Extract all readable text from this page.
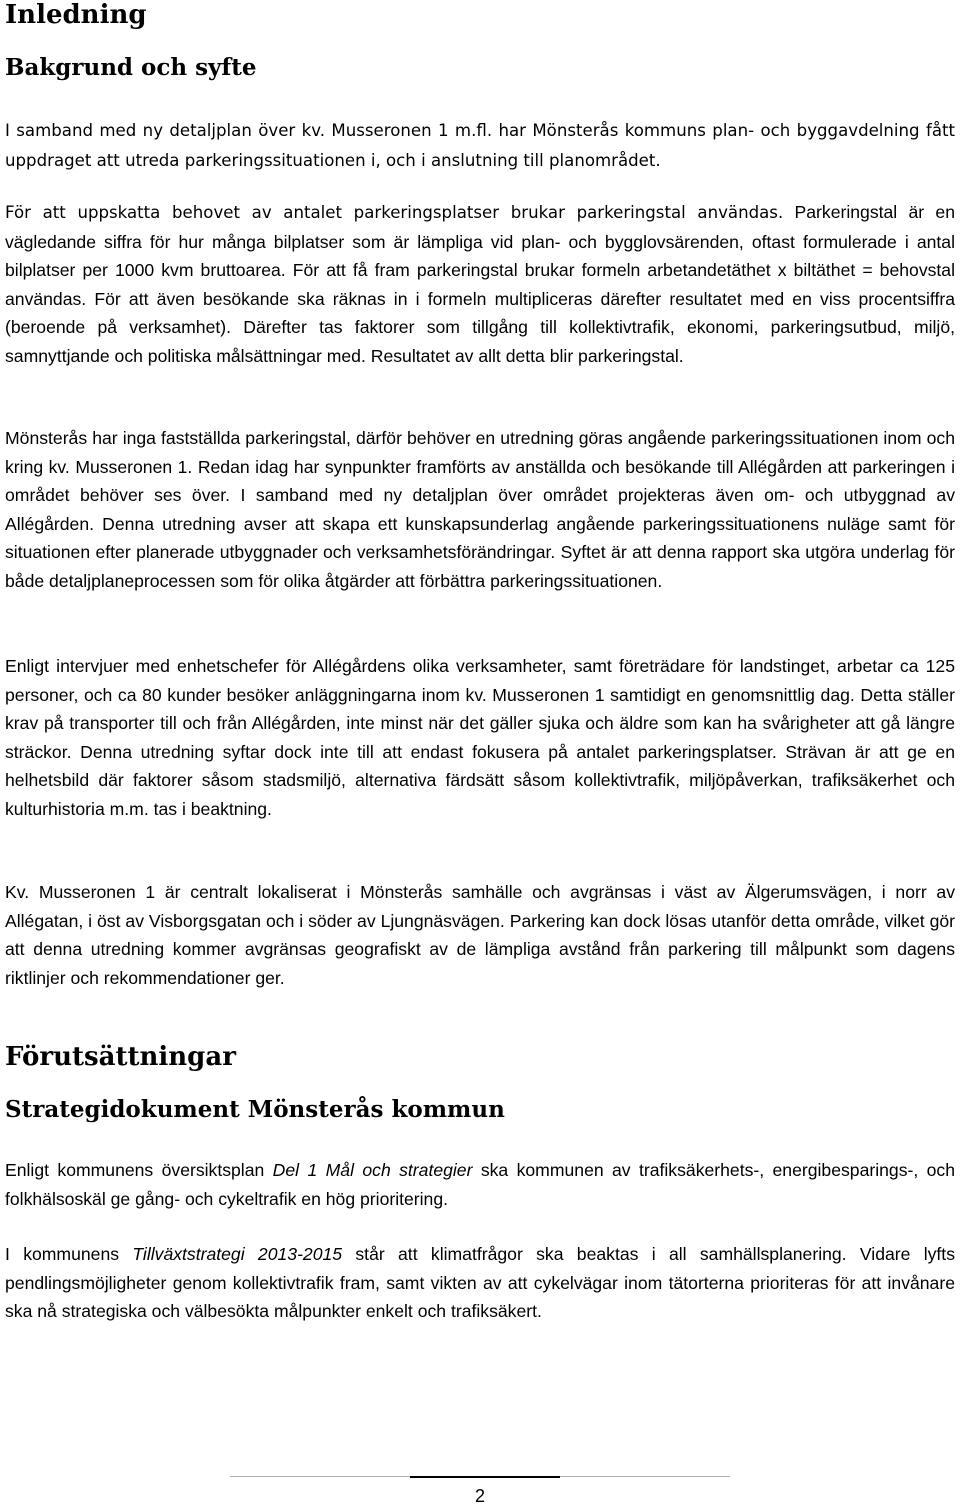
Inledning
Bakgrund och syfte

I samband med ny detaljplan över kv. Musseronen 1 m.fl. har Mönsterås kommuns plan- och byggavdelning fått uppdraget att utreda parkeringssituationen i, och i anslutning till planområdet.

För att uppskatta behovet av antalet parkeringsplatser brukar parkeringstal användas. Parkeringstal är en vägledande siffra för hur många bilplatser som är lämpliga vid plan- och bygglovsärenden, oftast formulerade i antal bilplatser per 1000 kvm bruttoarea. För att få fram parkeringstal brukar formeln arbetandetäthet x biltäthet = behovstal användas. För att även besökande ska räknas in i formeln multipliceras därefter resultatet med en viss procentsiffra (beroende på verksamhet). Därefter tas faktorer som tillgång till kollektivtrafik, ekonomi, parkeringsutbud, miljö, samnyttjande och politiska målsättningar med. Resultatet av allt detta blir parkeringstal.

Mönsterås har inga fastställda parkeringstal, därför behöver en utredning göras angående parkeringssituationen inom och kring kv. Musseronen 1. Redan idag har synpunkter framförts av anställda och besökande till Allégården att parkeringen i området behöver ses över. I samband med ny detaljplan över området projekteras även om- och utbyggnad av Allégården. Denna utredning avser att skapa ett kunskapsunderlag angående parkeringssituationens nuläge samt för situationen efter planerade utbyggnader och verksamhetsförändringar. Syftet är att denna rapport ska utgöra underlag för både detaljplaneprocessen som för olika åtgärder att förbättra parkeringssituationen.

Enligt intervjuer med enhetschefer för Allégårdens olika verksamheter, samt företrädare för landstinget, arbetar ca 125 personer, och ca 80 kunder besöker anläggningarna inom kv. Musseronen 1 samtidigt en genomsnittlig dag. Detta ställer krav på transporter till och från Allégården, inte minst när det gäller sjuka och äldre som kan ha svårigheter att gå längre sträckor. Denna utredning syftar dock inte till att endast fokusera på antalet parkeringsplatser. Strävan är att ge en helhetsbild där faktorer såsom stadsmiljö, alternativa färdsätt såsom kollektivtrafik, miljöpåverkan, trafiksäkerhet och kulturhistoria m.m. tas i beaktning.

Kv. Musseronen 1 är centralt lokaliserat i Mönsterås samhälle och avgränsas i väst av Älgerumsvägen, i norr av Allégatan, i öst av Visborgsgatan och i söder av Ljungnäsvägen. Parkering kan dock lösas utanför detta område, vilket gör att denna utredning kommer avgränsas geografiskt av de lämpliga avstånd från parkering till målpunkt som dagens riktlinjer och rekommendationer ger.

Förutsättningar
Strategidokument Mönsterås kommun

Enligt kommunens översiktsplan Del 1 Mål och strategier ska kommunen av trafiksäkerhets-, energibesparings-, och folkhälsoskäl ge gång- och cykeltrafik en hög prioritering.

I kommunens Tillväxtstrategi 2013-2015 står att klimatfrågor ska beaktas i all samhällsplanering. Vidare lyfts pendlingsmöjligheter genom kollektivtrafik fram, samt vikten av att cykelvägar inom tätorterna prioriteras för att invånare ska nå strategiska och välbesökta målpunkter enkelt och trafiksäkert.

2
